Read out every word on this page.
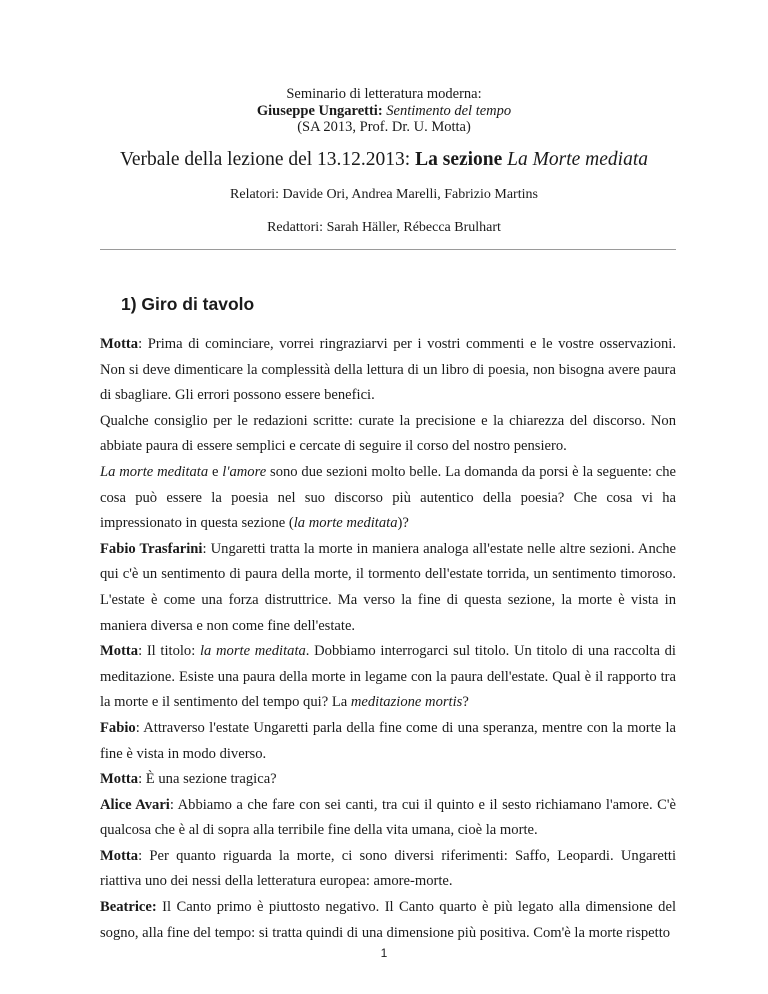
Seminario di letteratura moderna:
Giuseppe Ungaretti: Sentimento del tempo
(SA 2013, Prof. Dr. U. Motta)
Verbale della lezione del 13.12.2013: La sezione La Morte mediata
Relatori: Davide Ori, Andrea Marelli, Fabrizio Martins
Redattori: Sarah Häller, Rébecca Brulhart
1) Giro di tavolo

Motta: Prima di cominciare, vorrei ringraziarvi per i vostri commenti e le vostre osservazioni. Non si deve dimenticare la complessità della lettura di un libro di poesia, non bisogna avere paura di sbagliare. Gli errori possono essere benefici.

Qualche consiglio per le redazioni scritte: curate la precisione e la chiarezza del discorso. Non abbiate paura di essere semplici e cercate di seguire il corso del nostro pensiero.

La morte meditata e l'amore sono due sezioni molto belle. La domanda da porsi è la seguente: che cosa può essere la poesia nel suo discorso più autentico della poesia? Che cosa vi ha impressionato in questa sezione (la morte meditata)?

Fabio Trasfarini: Ungaretti tratta la morte in maniera analoga all'estate nelle altre sezioni. Anche qui c'è un sentimento di paura della morte, il tormento dell'estate torrida, un sentimento timoroso. L'estate è come una forza distruttrice. Ma verso la fine di questa sezione, la morte è vista in maniera diversa e non come fine dell'estate.

Motta: Il titolo: la morte meditata. Dobbiamo interrogarci sul titolo. Un titolo di una raccolta di meditazione. Esiste una paura della morte in legame con la paura dell'estate. Qual è il rapporto tra la morte e il sentimento del tempo qui? La meditazione mortis?

Fabio: Attraverso l'estate Ungaretti parla della fine come di una speranza, mentre con la morte la fine è vista in modo diverso.

Motta: È una sezione tragica?

Alice Avari: Abbiamo a che fare con sei canti, tra cui il quinto e il sesto richiamano l'amore. C'è qualcosa che è al di sopra alla terribile fine della vita umana, cioè la morte.

Motta: Per quanto riguarda la morte, ci sono diversi riferimenti: Saffo, Leopardi. Ungaretti riattiva uno dei nessi della letteratura europea: amore-morte.

Beatrice: Il Canto primo è piuttosto negativo. Il Canto quarto è più legato alla dimensione del sogno, alla fine del tempo: si tratta quindi di una dimensione più positiva. Com'è la morte rispetto

1
